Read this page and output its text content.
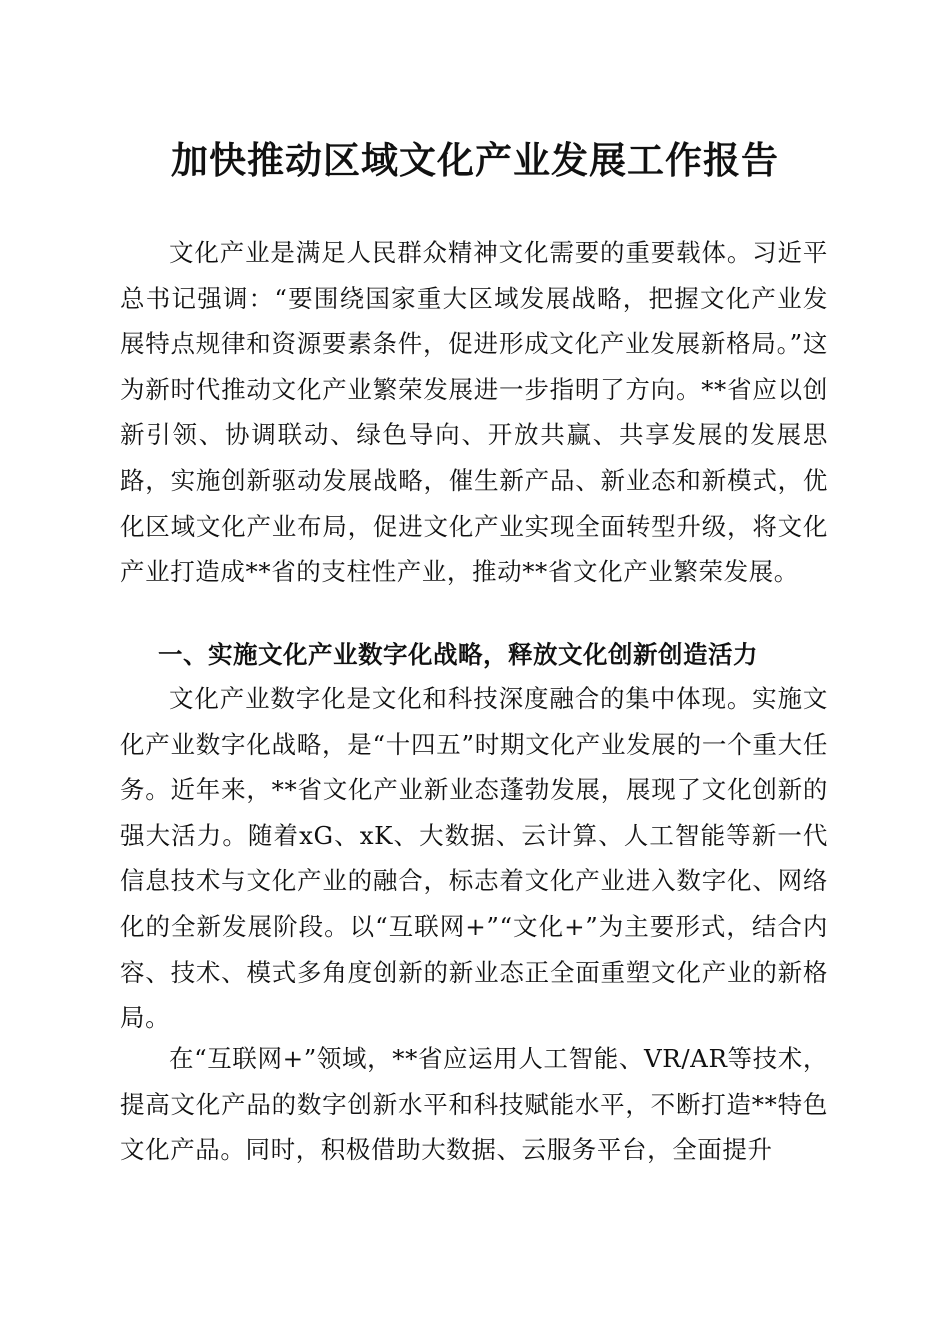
加快推动区域文化产业发展工作报告

文化产业是满足人民群众精神文化需要的重要载体。习近平总书记强调：“要围绕国家重大区域发展战略，把握文化产业发展特点规律和资源要素条件，促进形成文化产业发展新格局。”这为新时代推动文化产业繁荣发展进一步指明了方向。**省应以创新引领、协调联动、绿色导向、开放共赢、共享发展的发展思路，实施创新驱动发展战略，催生新产品、新业态和新模式，优化区域文化产业布局，促进文化产业实现全面转型升级，将文化产业打造成**省的支柱性产业，推动**省文化产业繁荣发展。

一、实施文化产业数字化战略，释放文化创新创造活力

文化产业数字化是文化和科技深度融合的集中体现。实施文化产业数字化战略，是“十四五”时期文化产业发展的一个重大任务。近年来，**省文化产业新业态蓬勃发展，展现了文化创新的强大活力。随着xG、xK、大数据、云计算、人工智能等新一代信息技术与文化产业的融合，标志着文化产业进入数字化、网络化的全新发展阶段。以“互联网+”“文化+”为主要形式，结合内容、技术、模式多角度创新的新业态正全面重塑文化产业的新格局。

在“互联网+”领域，**省应运用人工智能、VR/AR等技术，提高文化产品的数字创新水平和科技赋能水平，不断打造**特色文化产品。同时，积极借助大数据、云服务平台，全面提升
